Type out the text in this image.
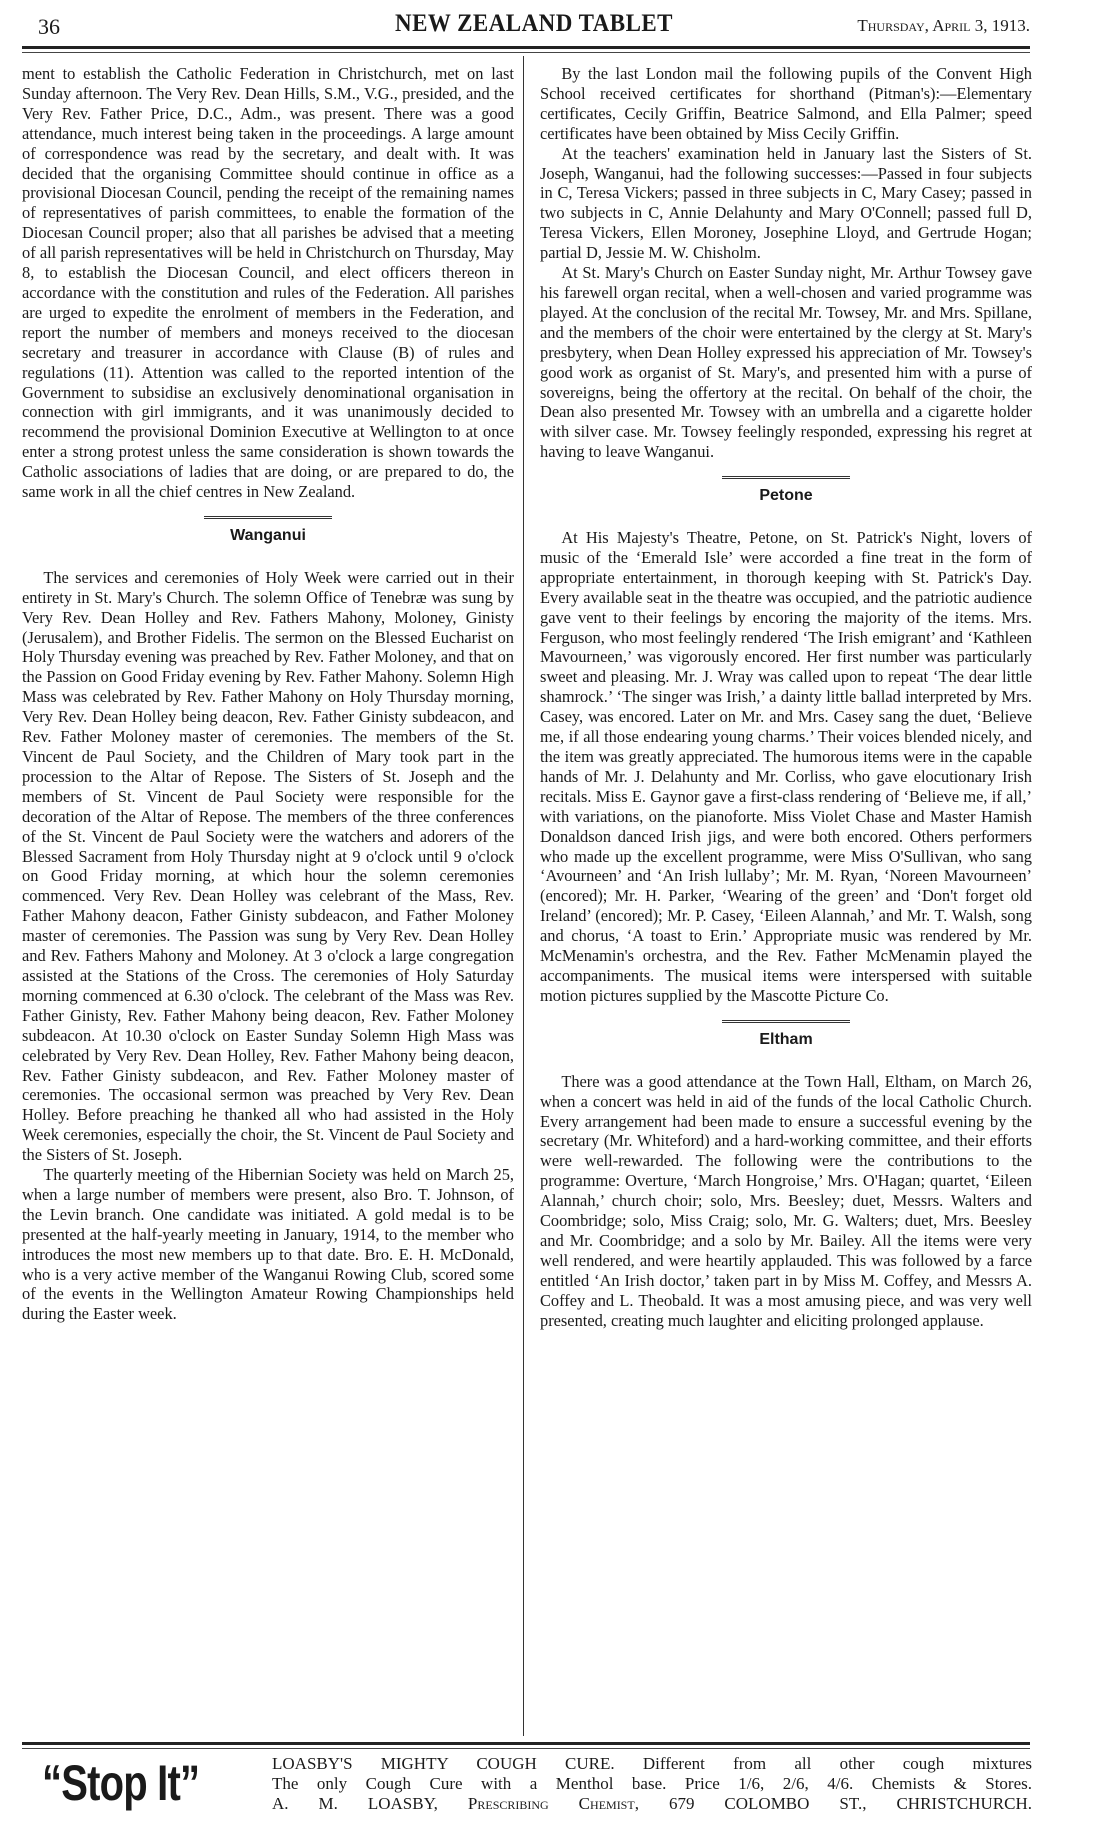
36	NEW ZEALAND TABLET	Thursday, April 3, 1913.

ment to establish the Catholic Federation in Christchurch, met on last Sunday afternoon. The Very Rev. Dean Hills, S.M., V.G., presided, and the Very Rev. Father Price, D.C., Adm., was present. There was a good attendance, much interest being taken in the proceedings. A large amount of correspondence was read by the secretary, and dealt with. It was decided that the organising Committee should continue in office as a provisional Diocesan Council, pending the receipt of the remaining names of representatives of parish committees, to enable the formation of the Diocesan Council proper; also that all parishes be advised that a meeting of all parish representatives will be held in Christchurch on Thursday, May 8, to establish the Diocesan Council, and elect officers thereon in accordance with the constitution and rules of the Federation. All parishes are urged to expedite the enrolment of members in the Federation, and report the number of members and moneys received to the diocesan secretary and treasurer in accordance with Clause (B) of rules and regulations (11). Attention was called to the reported intention of the Government to subsidise an exclusively denominational organisation in connection with girl immigrants, and it was unanimously decided to recommend the provisional Dominion Executive at Wellington to at once enter a strong protest unless the same consideration is shown towards the Catholic associations of ladies that are doing, or are prepared to do, the same work in all the chief centres in New Zealand.

Wanganui

The services and ceremonies of Holy Week were carried out in their entirety in St. Mary's Church. The solemn Office of Tenebræ was sung by Very Rev. Dean Holley and Rev. Fathers Mahony, Moloney, Ginisty (Jerusalem), and Brother Fidelis. The sermon on the Blessed Eucharist on Holy Thursday evening was preached by Rev. Father Moloney, and that on the Passion on Good Friday evening by Rev. Father Mahony. Solemn High Mass was celebrated by Rev. Father Mahony on Holy Thursday morning, Very Rev. Dean Holley being deacon, Rev. Father Ginisty subdeacon, and Rev. Father Moloney master of ceremonies. The members of the St. Vincent de Paul Society, and the Children of Mary took part in the procession to the Altar of Repose. The Sisters of St. Joseph and the members of St. Vincent de Paul Society were responsible for the decoration of the Altar of Repose. The members of the three conferences of the St. Vincent de Paul Society were the watchers and adorers of the Blessed Sacrament from Holy Thursday night at 9 o'clock until 9 o'clock on Good Friday morning, at which hour the solemn ceremonies commenced. Very Rev. Dean Holley was celebrant of the Mass, Rev. Father Mahony deacon, Father Ginisty subdeacon, and Father Moloney master of ceremonies. The Passion was sung by Very Rev. Dean Holley and Rev. Fathers Mahony and Moloney. At 3 o'clock a large congregation assisted at the Stations of the Cross. The ceremonies of Holy Saturday morning commenced at 6.30 o'clock. The celebrant of the Mass was Rev. Father Ginisty, Rev. Father Mahony being deacon, Rev. Father Moloney subdeacon. At 10.30 o'clock on Easter Sunday Solemn High Mass was celebrated by Very Rev. Dean Holley, Rev. Father Mahony being deacon, Rev. Father Ginisty subdeacon, and Rev. Father Moloney master of ceremonies. The occasional sermon was preached by Very Rev. Dean Holley. Before preaching he thanked all who had assisted in the Holy Week ceremonies, especially the choir, the St. Vincent de Paul Society and the Sisters of St. Joseph.

The quarterly meeting of the Hibernian Society was held on March 25, when a large number of members were present, also Bro. T. Johnson, of the Levin branch. One candidate was initiated. A gold medal is to be presented at the half-yearly meeting in January, 1914, to the member who introduces the most new members up to that date. Bro. E. H. McDonald, who is a very active member of the Wanganui Rowing Club, scored some of the events in the Wellington Amateur Rowing Championships held during the Easter week.

By the last London mail the following pupils of the Convent High School received certificates for shorthand (Pitman's):—Elementary certificates, Cecily Griffin, Beatrice Salmond, and Ella Palmer; speed certificates have been obtained by Miss Cecily Griffin.

At the teachers' examination held in January last the Sisters of St. Joseph, Wanganui, had the following successes:—Passed in four subjects in C, Teresa Vickers; passed in three subjects in C, Mary Casey; passed in two subjects in C, Annie Delahunty and Mary O'Connell; passed full D, Teresa Vickers, Ellen Moroney, Josephine Lloyd, and Gertrude Hogan; partial D, Jessie M. W. Chisholm.

At St. Mary's Church on Easter Sunday night, Mr. Arthur Towsey gave his farewell organ recital, when a well-chosen and varied programme was played. At the conclusion of the recital Mr. Towsey, Mr. and Mrs. Spillane, and the members of the choir were entertained by the clergy at St. Mary's presbytery, when Dean Holley expressed his appreciation of Mr. Towsey's good work as organist of St. Mary's, and presented him with a purse of sovereigns, being the offertory at the recital. On behalf of the choir, the Dean also presented Mr. Towsey with an umbrella and a cigarette holder with silver case. Mr. Towsey feelingly responded, expressing his regret at having to leave Wanganui.

Petone

At His Majesty's Theatre, Petone, on St. Patrick's Night, lovers of music of the ‘Emerald Isle’ were accorded a fine treat in the form of appropriate entertainment, in thorough keeping with St. Patrick's Day. Every available seat in the theatre was occupied, and the patriotic audience gave vent to their feelings by encoring the majority of the items. Mrs. Ferguson, who most feelingly rendered ‘The Irish emigrant’ and ‘Kathleen Mavourneen,’ was vigorously encored. Her first number was particularly sweet and pleasing. Mr. J. Wray was called upon to repeat ‘The dear little shamrock.’ ‘The singer was Irish,’ a dainty little ballad interpreted by Mrs. Casey, was encored. Later on Mr. and Mrs. Casey sang the duet, ‘Believe me, if all those endearing young charms.’ Their voices blended nicely, and the item was greatly appreciated. The humorous items were in the capable hands of Mr. J. Delahunty and Mr. Corliss, who gave elocutionary Irish recitals. Miss E. Gaynor gave a first-class rendering of ‘Believe me, if all,’ with variations, on the pianoforte. Miss Violet Chase and Master Hamish Donaldson danced Irish jigs, and were both encored. Others performers who made up the excellent programme, were Miss O'Sullivan, who sang ‘Avourneen’ and ‘An Irish lullaby’; Mr. M. Ryan, ‘Noreen Mavourneen’ (encored); Mr. H. Parker, ‘Wearing of the green’ and ‘Don't forget old Ireland’ (encored); Mr. P. Casey, ‘Eileen Alannah,’ and Mr. T. Walsh, song and chorus, ‘A toast to Erin.’ Appropriate music was rendered by Mr. McMenamin's orchestra, and the Rev. Father McMenamin played the accompaniments. The musical items were interspersed with suitable motion pictures supplied by the Mascotte Picture Co.

Eltham

There was a good attendance at the Town Hall, Eltham, on March 26, when a concert was held in aid of the funds of the local Catholic Church. Every arrangement had been made to ensure a successful evening by the secretary (Mr. Whiteford) and a hard-working committee, and their efforts were well-rewarded. The following were the contributions to the programme: Overture, ‘March Hongroise,’ Mrs. O'Hagan; quartet, ‘Eileen Alannah,’ church choir; solo, Mrs. Beesley; duet, Messrs. Walters and Coombridge; solo, Miss Craig; solo, Mr. G. Walters; duet, Mrs. Beesley and Mr. Coombridge; and a solo by Mr. Bailey. All the items were very well rendered, and were heartily applauded. This was followed by a farce entitled ‘An Irish doctor,’ taken part in by Miss M. Coffey, and Messrs A. Coffey and L. Theobald. It was a most amusing piece, and was very well presented, creating much laughter and eliciting prolonged applause.

“Stop It”	LOASBY'S MIGHTY COUGH CURE. Different from all other cough mixtures
The only Cough Cure with a Menthol base. Price 1/6, 2/6, 4/6. Chemists & Stores.
A. M. LOASBY, Prescribing Chemist, 679 COLOMBO ST., CHRISTCHURCH.
